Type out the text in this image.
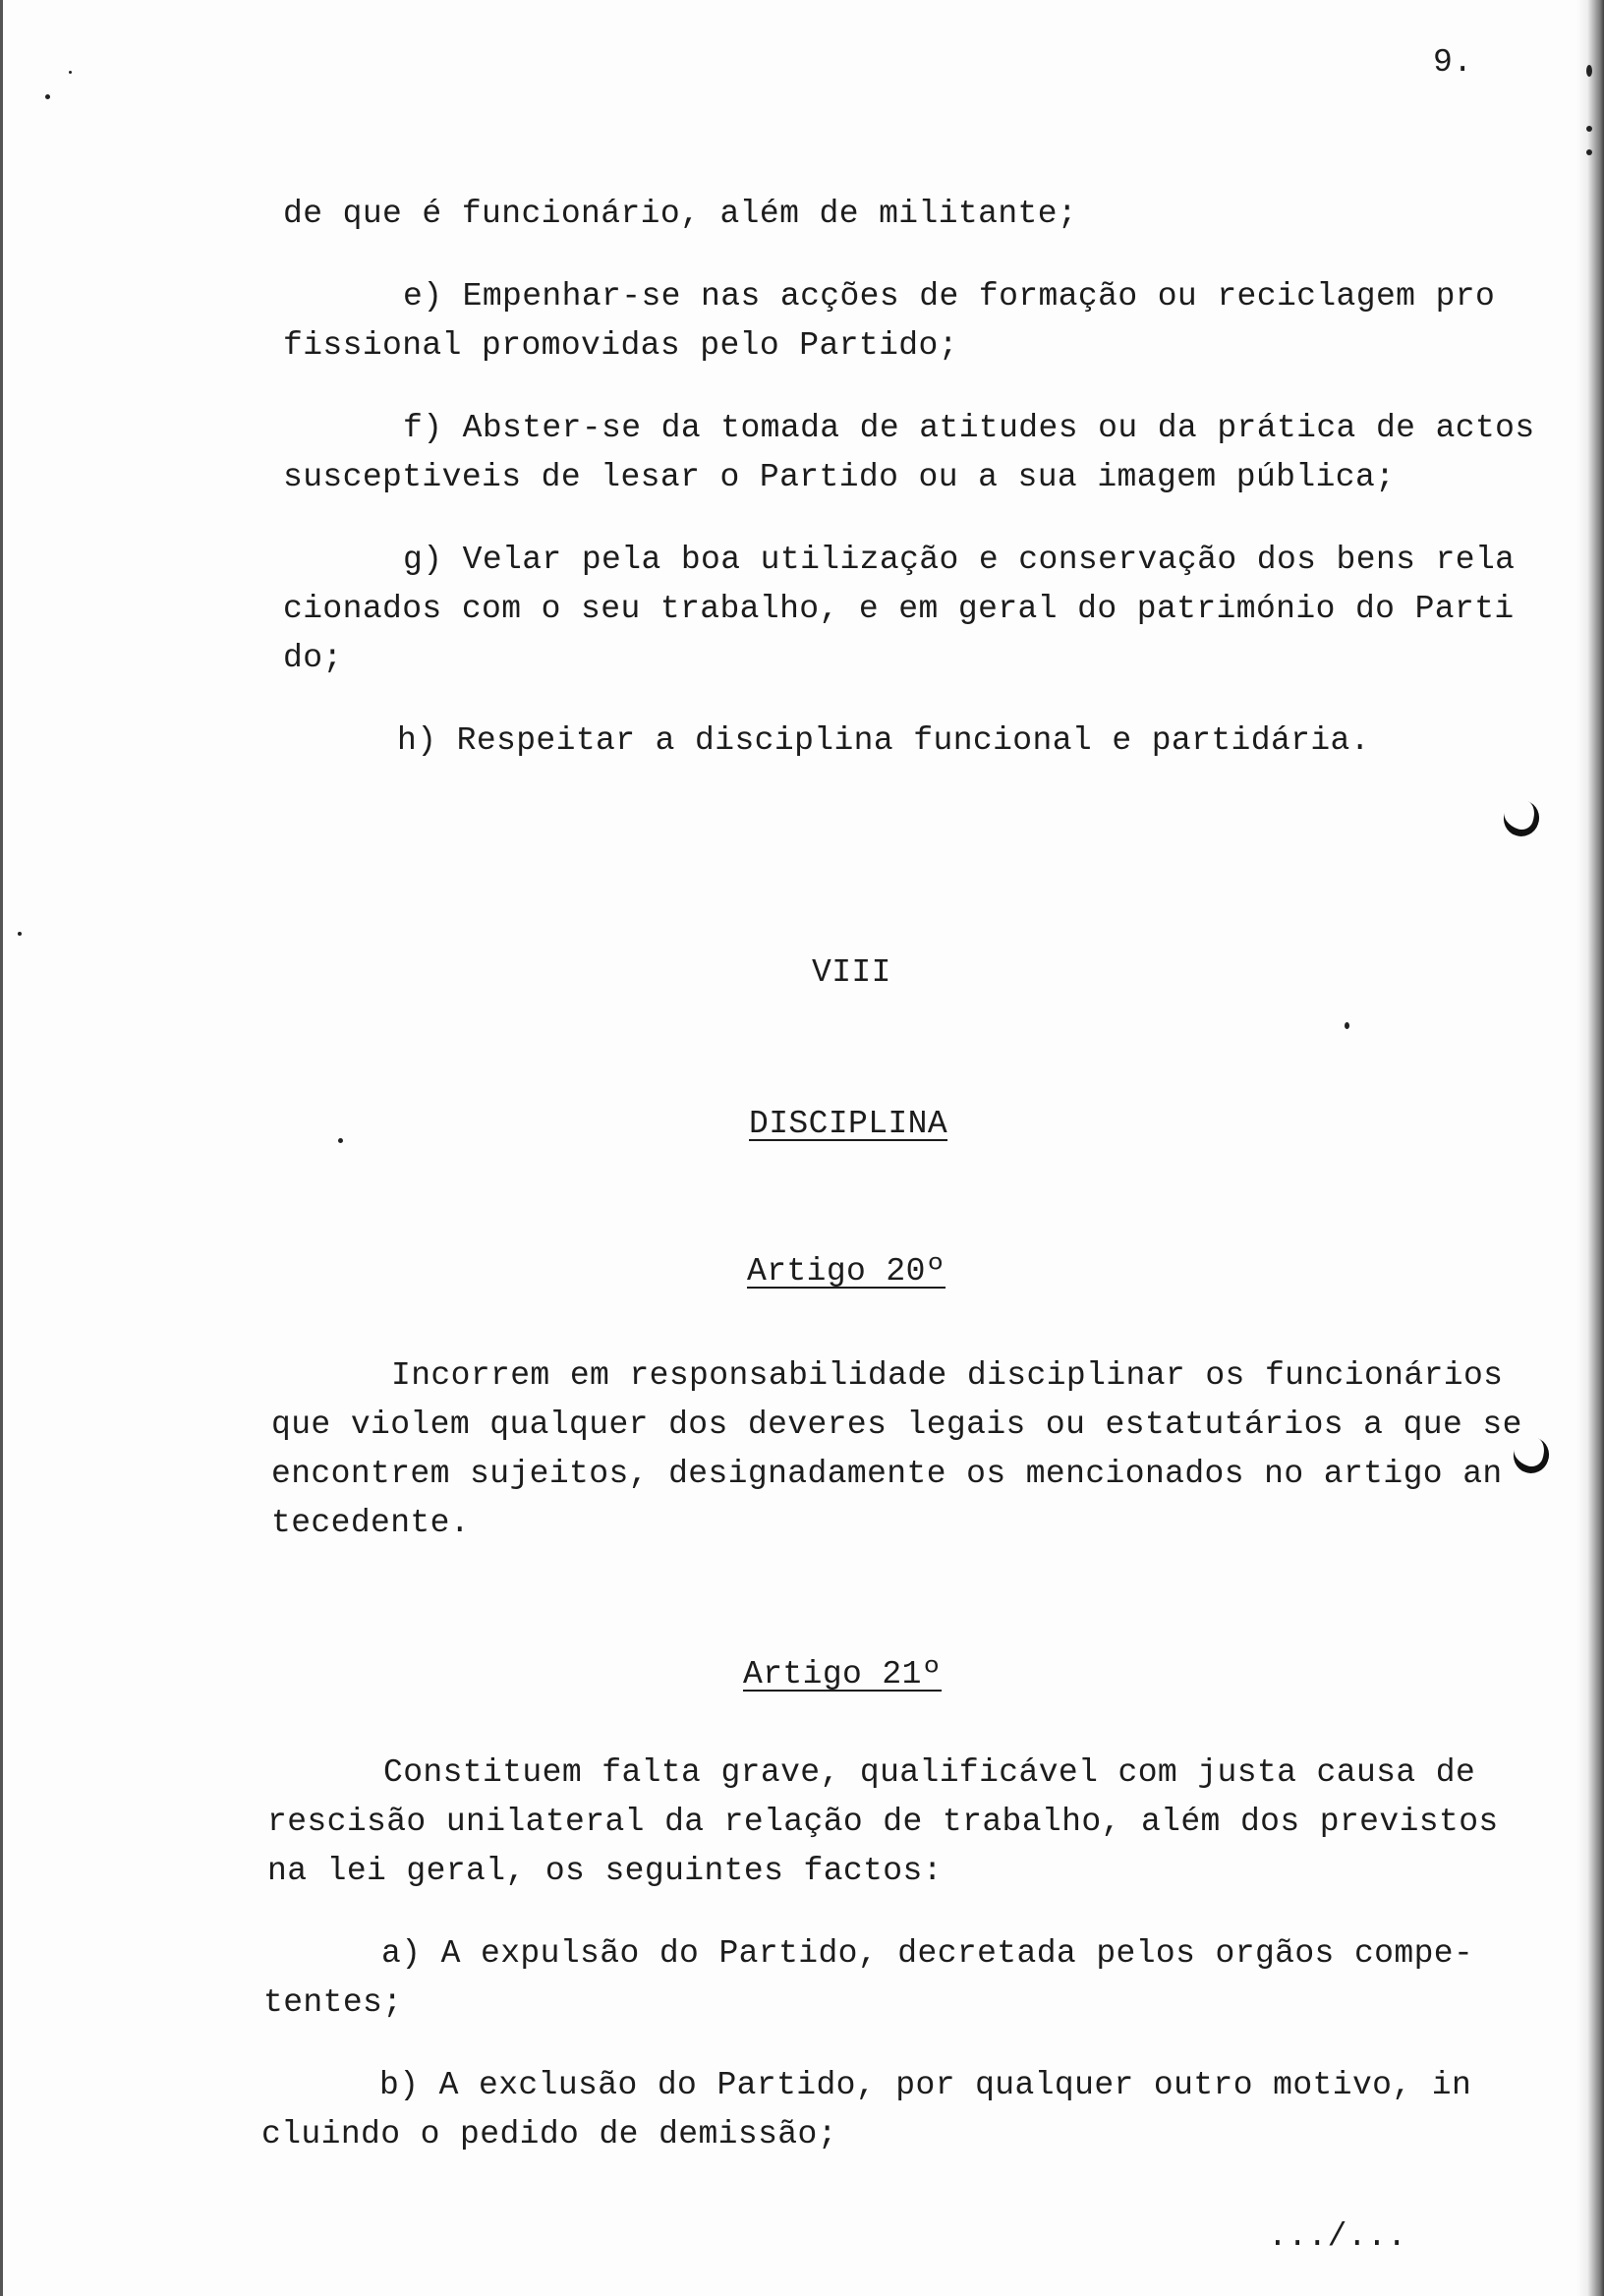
9.
de que é funcionário, além de militante;
e) Empenhar-se nas acções de formação ou reciclagem pro
fissional promovidas pelo Partido;
f) Abster-se da tomada de atitudes ou da prática de actos
susceptiveis de lesar o Partido ou a sua imagem pública;
g) Velar pela boa utilização e conservação dos bens rela
cionados com o seu trabalho, e em geral do património do Parti
do;
h) Respeitar a disciplina funcional e partidária.
VIII
DISCIPLINA
Artigo 20º
Incorrem em responsabilidade disciplinar os funcionários
que violem qualquer dos deveres legais ou estatutários a que se
encontrem sujeitos, designadamente os mencionados no artigo an
tecedente.
Artigo 21º
Constituem falta grave, qualificável com justa causa de
rescisão unilateral da relação de trabalho, além dos previstos
na lei geral, os seguintes factos:
a) A expulsão do Partido, decretada pelos orgãos compe-
tentes;
b) A exclusão do Partido, por qualquer outro motivo, in
cluindo o pedido de demissão;
.../...
